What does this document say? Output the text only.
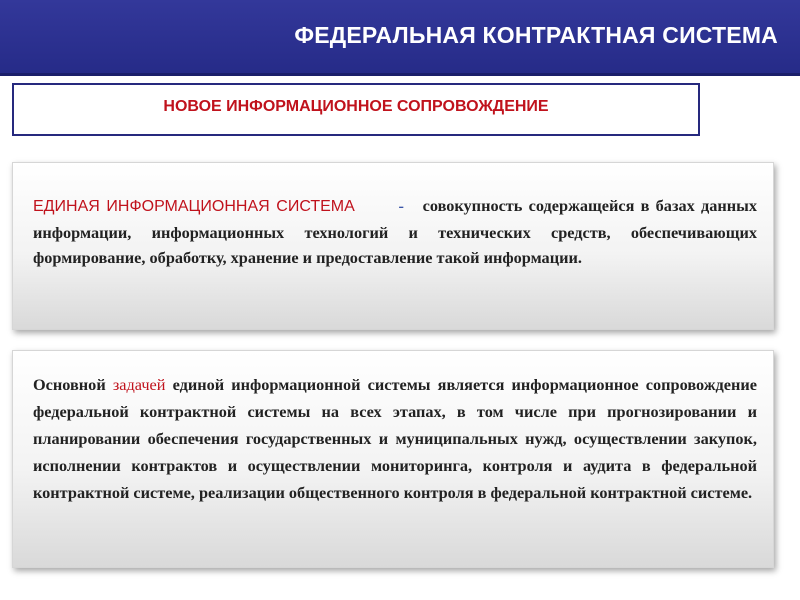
ФЕДЕРАЛЬНАЯ КОНТРАКТНАЯ СИСТЕМА
НОВОЕ ИНФОРМАЦИОННОЕ СОПРОВОЖДЕНИЕ

ЕДИНАЯ ИНФОРМАЦИОННАЯ СИСТЕМА	- совокупность содержащейся в базах данных информации, информационных технологий и технических средств, обеспечивающих формирование, обработку, хранение и предоставление такой информации.

Основной задачей единой информационной системы является информационное сопровождение федеральной контрактной системы на всех этапах, в том числе при прогнозировании и планировании обеспечения государственных и муниципальных нужд, осуществлении закупок, исполнении контрактов и осуществлении мониторинга, контроля и аудита в федеральной контрактной системе, реализации общественного контроля в федеральной контрактной системе.
